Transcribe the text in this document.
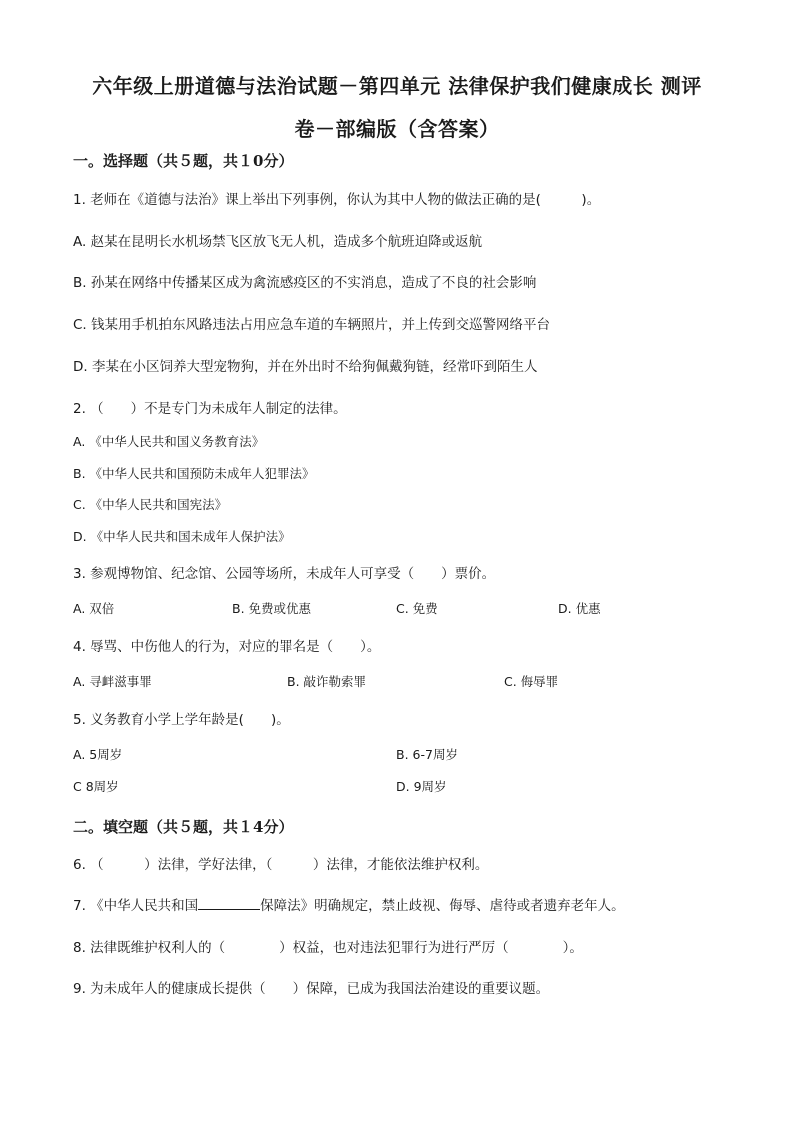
六年级上册道德与法治试题－第四单元 法律保护我们健康成长 测评
卷－部编版（含答案）
一。选择题（共５题，共１0分）
1. 老师在《道德与法治》课上举出下列事例，你认为其中人物的做法正确的是(　　　)。
A. 赵某在昆明长水机场禁飞区放飞无人机，造成多个航班迫降或返航
B. 孙某在网络中传播某区成为禽流感疫区的不实消息，造成了不良的社会影响
C. 钱某用手机拍东风路违法占用应急车道的车辆照片，并上传到交巡警网络平台
D. 李某在小区饲养大型宠物狗，并在外出时不给狗佩戴狗链，经常吓到陌生人
2. （　　）不是专门为未成年人制定的法律。
A. 《中华人民共和国义务教育法》
B. 《中华人民共和国预防未成年人犯罪法》
C. 《中华人民共和国宪法》
D. 《中华人民共和国未成年人保护法》
3. 参观博物馆、纪念馆、公园等场所，未成年人可享受（　　）票价。
A. 双倍	B. 免费或优惠	C. 免费	D. 优惠
4. 辱骂、中伤他人的行为，对应的罪名是（　　）。
A. 寻衅滋事罪	B. 敲诈勒索罪	C. 侮辱罪
5. 义务教育小学上学年龄是(　　)。
A. 5周岁	B. 6-7周岁
C 8周岁	D. 9周岁
二。填空题（共５题，共１4分）
6. （　　　）法律，学好法律，（　　　）法律，才能依法维护权利。
7. 《中华人民共和国	保障法》明确规定，禁止歧视、侮辱、虐待或者遗弃老年人。
8. 法律既维护权利人的（　　　　）权益，也对违法犯罪行为进行严厉（　　　　）。
9. 为未成年人的健康成长提供（　　）保障，已成为我国法治建设的重要议题。
